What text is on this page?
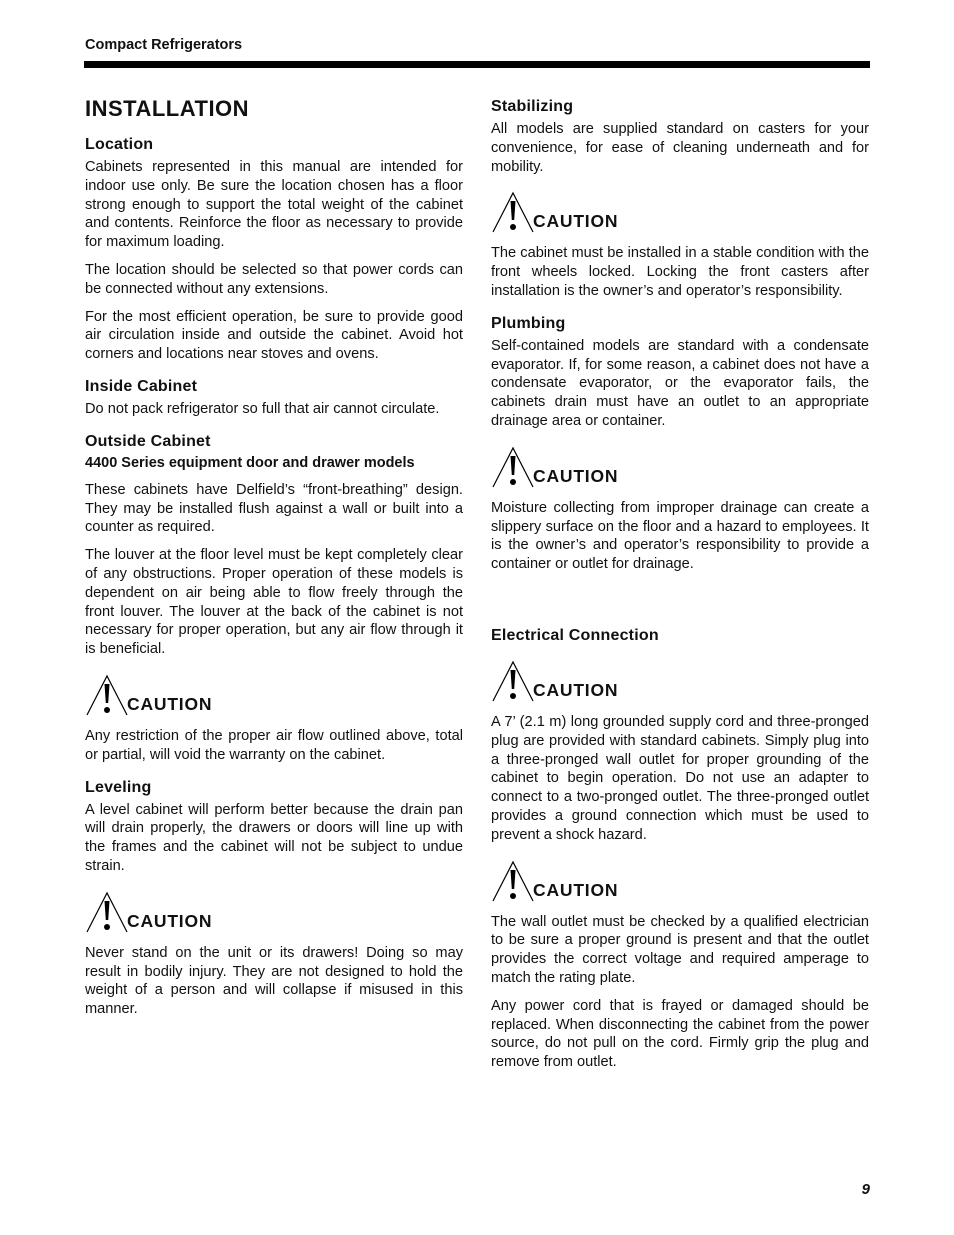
Compact Refrigerators
INSTALLATION
Location

Cabinets represented in this manual are intended for indoor use only. Be sure the location chosen has a floor strong enough to support the total weight of the cabinet and contents. Reinforce the floor as necessary to provide for maximum loading.

The location should be selected so that power cords can be connected without any extensions.

For the most efficient operation, be sure to provide good air circulation inside and outside the cabinet. Avoid hot corners and locations near stoves and ovens.

Inside Cabinet

Do not pack refrigerator so full that air cannot circulate.

Outside Cabinet
4400 Series equipment door and drawer models

These cabinets have Delfield’s “front-breathing” design. They may be installed flush against a wall or built into a counter as required.

The louver at the floor level must be kept completely clear of any obstructions. Proper operation of these models is dependent on air being able to flow freely through the front louver. The louver at the back of the cabinet is not necessary for proper operation, but any air flow through it is beneficial.

CAUTION

Any restriction of the proper air flow outlined above, total or partial, will void the warranty on the cabinet.

Leveling

A level cabinet will perform better because the drain pan will drain properly, the drawers or doors will line up with the frames and the cabinet will not be subject to undue strain.

CAUTION

Never stand on the unit or its drawers! Doing so may result in bodily injury. They are not designed to hold the weight of a person and will collapse if misused in this manner.

Stabilizing

All models are supplied standard on casters for your convenience, for ease of cleaning underneath and for mobility.

CAUTION

The cabinet must be installed in a stable condition with the front wheels locked. Locking the front casters after installation is the owner’s and operator’s responsibility.

Plumbing

Self-contained models are standard with a condensate evaporator. If, for some reason, a cabinet does not have a condensate evaporator, or the evaporator fails, the cabinets drain must have an outlet to an appropriate drainage area or container.

CAUTION

Moisture collecting from improper drainage can create a slippery surface on the floor and a hazard to employees. It is the owner’s and operator’s responsibility to provide a container or outlet for drainage.

Electrical Connection
CAUTION

A 7’ (2.1 m) long grounded supply cord and three-pronged plug are provided with standard cabinets. Simply plug into a three-pronged wall outlet for proper grounding of the cabinet to begin operation. Do not use an adapter to connect to a two-pronged outlet. The three-pronged outlet provides a ground connection which must be used to prevent a shock hazard.

CAUTION

The wall outlet must be checked by a qualified electrician to be sure a proper ground is present and that the outlet provides the correct voltage and required amperage to match the rating plate.

Any power cord that is frayed or damaged should be replaced. When disconnecting the cabinet from the power source, do not pull on the cord. Firmly grip the plug and remove from outlet.

9
